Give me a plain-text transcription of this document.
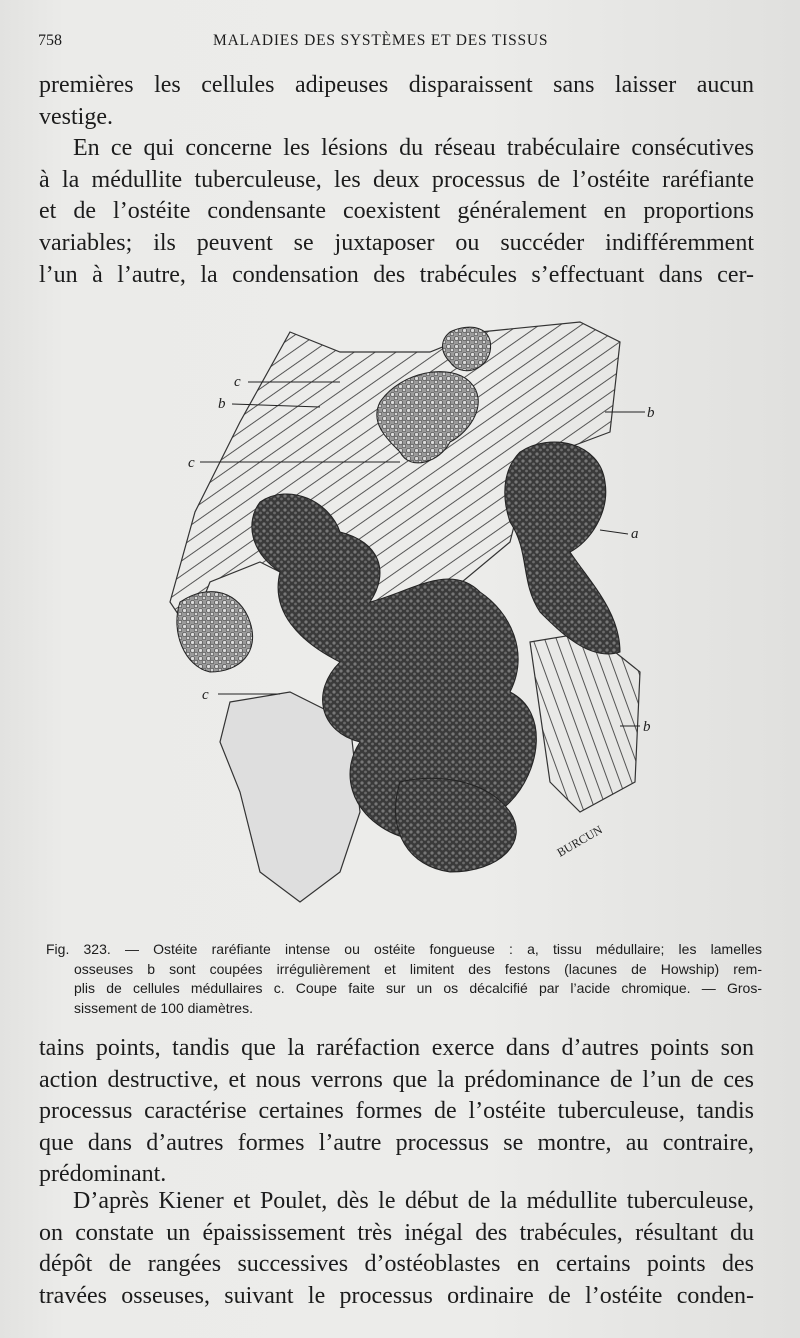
758	MALADIES DES SYSTÈMES ET DES TISSUS
premières les cellules adipeuses disparaissent sans laisser aucun
vestige.
En ce qui concerne les lésions du réseau trabéculaire consécutives
à la médullite tuberculeuse, les deux processus de l’ostéite raréfiante
et de l’ostéite condensante coexistent généralement en proportions
variables; ils peuvent se juxtaposer ou succéder indifféremment
l’un à l’autre, la condensation des trabécules s’effectuant dans cer-
c
b
c
b
a
c
b
BURCUN
Fig. 323. — Ostéite raréfiante intense ou ostéite fongueuse : a, tissu médullaire; les lamelles
osseuses b sont coupées irrégulièrement et limitent des festons (lacunes de Howship) rem-
plis de cellules médullaires c. Coupe faite sur un os décalcifié par l’acide chromique. — Gros-
sissement de 100 diamètres.
tains points, tandis que la raréfaction exerce dans d’autres points son
action destructive, et nous verrons que la prédominance de l’un de ces
processus caractérise certaines formes de l’ostéite tuberculeuse, tandis
que dans d’autres formes l’autre processus se montre, au contraire,
prédominant.
D’après Kiener et Poulet, dès le début de la médullite tuberculeuse,
on constate un épaississement très inégal des trabécules, résultant du
dépôt de rangées successives d’ostéoblastes en certains points des
travées osseuses, suivant le processus ordinaire de l’ostéite conden-
